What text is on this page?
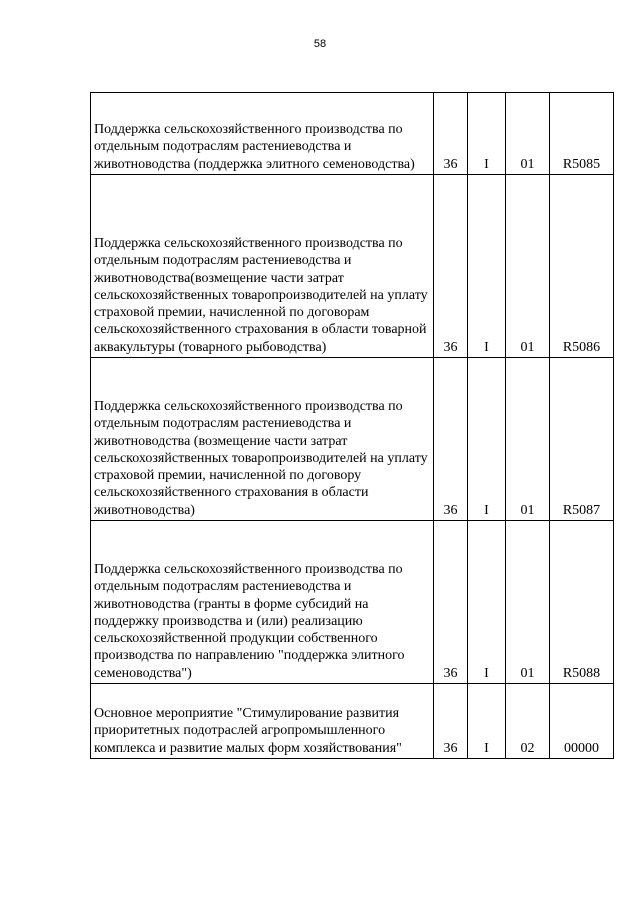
58
Поддержка сельскохозяйственного производства по отдельным подотраслям растениеводства и животноводства (поддержка элитного семеноводства)	36	I	01	R5085
Поддержка сельскохозяйственного производства по отдельным подотраслям растениеводства и животноводства(возмещение части затрат сельскохозяйственных товаропроизводителей на уплату страховой премии, начисленной по договорам сельскохозяйственного страхования в области товарной аквакультуры (товарного рыбоводства)	36	I	01	R5086
Поддержка сельскохозяйственного производства по отдельным подотраслям растениеводства и животноводства (возмещение части затрат сельскохозяйственных товаропроизводителей на уплату страховой премии, начисленной по договору сельскохозяйственного страхования в области животноводства)	36	I	01	R5087
Поддержка сельскохозяйственного производства по отдельным подотраслям растениеводства и животноводства (гранты в форме субсидий на поддержку производства и (или) реализацию сельскохозяйственной продукции собственного производства по направлению "поддержка элитного семеноводства")	36	I	01	R5088
Основное мероприятие "Стимулирование развития приоритетных подотраслей агропромышленного комплекса и развитие малых форм хозяйствования"	36	I	02	00000
